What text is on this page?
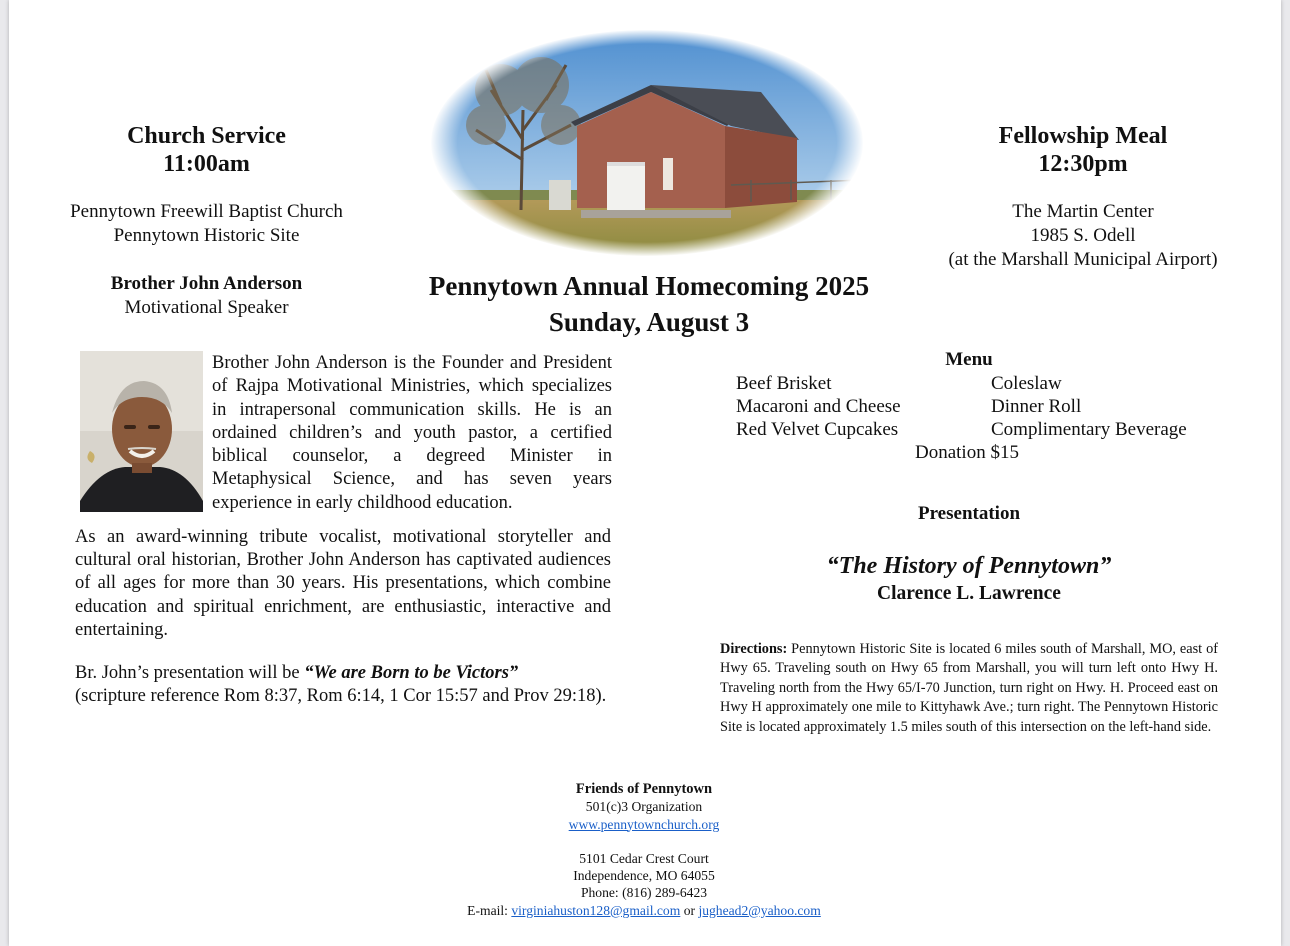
Church Service
11:00am
Pennytown Freewill Baptist Church
Pennytown Historic Site
Brother John Anderson
Motivational Speaker
Fellowship Meal
12:30pm
The Martin Center
1985 S. Odell
(at the Marshall Municipal Airport)
Pennytown Annual Homecoming 2025
Sunday, August 3
Brother John Anderson is the Founder and President of Rajpa Motivational Ministries, which specializes in intrapersonal communication skills. He is an ordained children’s and youth pastor, a certified biblical counselor, a degreed Minister in Metaphysical Science, and has seven years experience in early childhood education.
As an award-winning tribute vocalist, motivational storyteller and cultural oral historian, Brother John Anderson has captivated audiences of all ages for more than 30 years. His presentations, which combine education and spiritual enrichment, are enthusiastic, interactive and entertaining.
Br. John’s presentation will be “We are Born to be Victors”
(scripture reference Rom 8:37, Rom 6:14, 1 Cor 15:57 and Prov 29:18).
Menu
Beef Brisket
Macaroni and Cheese
Red Velvet Cupcakes
Coleslaw
Dinner Roll
Complimentary Beverage
Donation $15
Presentation
“The History of Pennytown”
Clarence L. Lawrence
Directions: Pennytown Historic Site is located 6 miles south of Marshall, MO, east of Hwy 65. Traveling south on Hwy 65 from Marshall, you will turn left onto Hwy H. Traveling north from the Hwy 65/I-70 Junction, turn right on Hwy. H. Proceed east on Hwy H approximately one mile to Kittyhawk Ave.; turn right. The Pennytown Historic Site is located approximately 1.5 miles south of this intersection on the left-hand side.
Friends of Pennytown
501(c)3 Organization
www.pennytownchurch.org
5101 Cedar Crest Court
Independence, MO 64055
Phone: (816) 289-6423
E-mail: virginiahuston128@gmail.com or jughead2@yahoo.com
